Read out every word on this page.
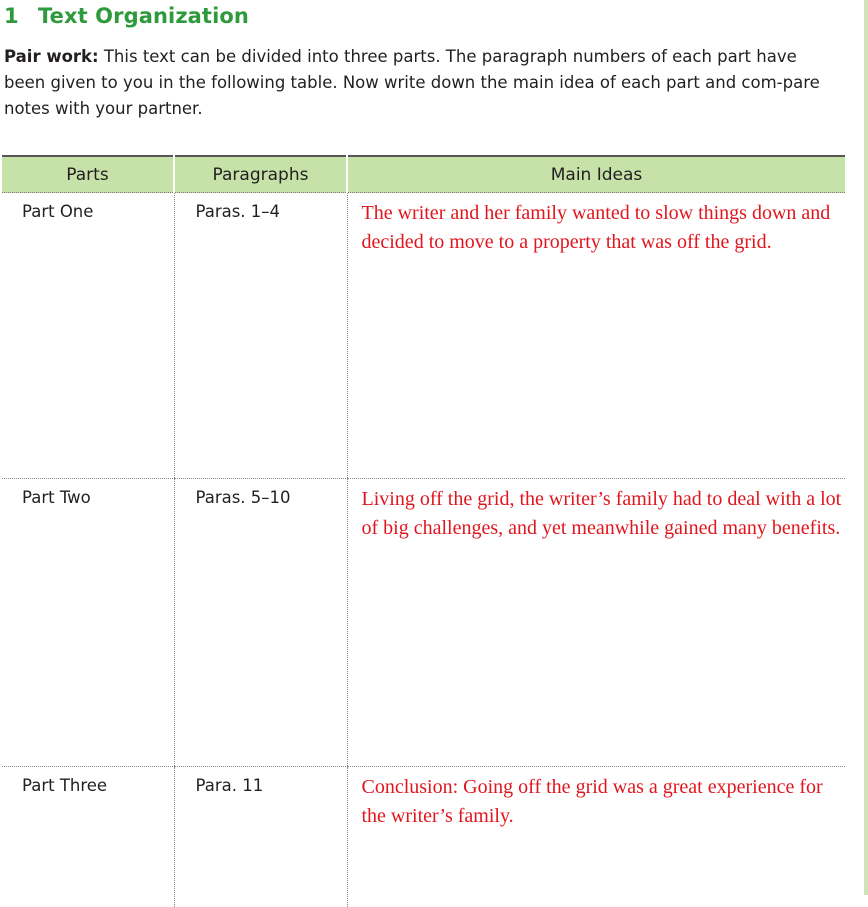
1 Text Organization

Pair work: This text can be divided into three parts. The paragraph numbers of each part have been given to you in the following table. Now write down the main idea of each part and com-pare notes with your partner.

Parts	Paragraphs	Main Ideas

Part One	Paras. 1–4	The writer and her family wanted to slow things down and decided to move to a property that was off the grid.

Part Two	Paras. 5–10	Living off the grid, the writer’s family had to deal with a lot of big challenges, and yet meanwhile gained many benefits.

Part Three	Para. 11	Conclusion: Going off the grid was a great experience for the writer’s family.
